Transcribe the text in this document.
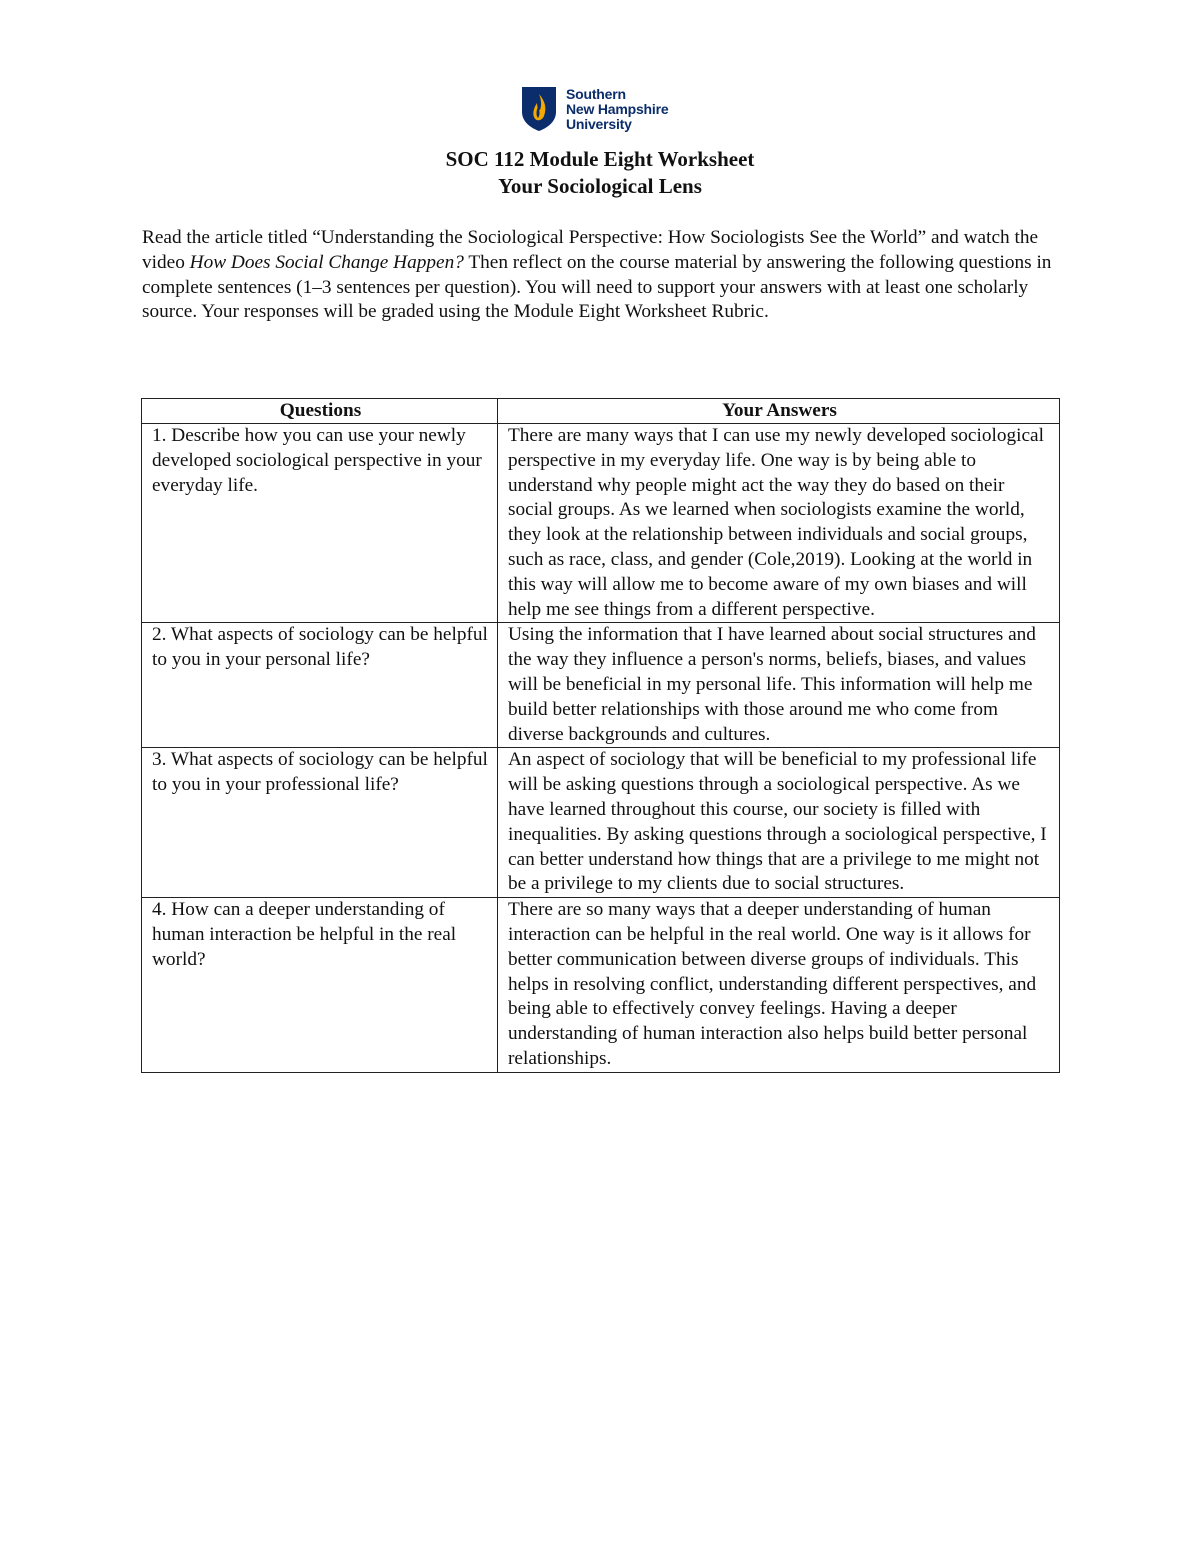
Southern
New Hampshire
University
SOC 112 Module Eight Worksheet
Your Sociological Lens

Read the article titled “Understanding the Sociological Perspective: How Sociologists See the World” and watch the video How Does Social Change Happen? Then reflect on the course material by answering the following questions in complete sentences (1–3 sentences per question). You will need to support your answers with at least one scholarly source. Your responses will be graded using the Module Eight Worksheet Rubric.

Questions	Your Answers
1. Describe how you can use your newly developed sociological perspective in your everyday life.	There are many ways that I can use my newly developed sociological perspective in my everyday life. One way is by being able to understand why people might act the way they do based on their social groups. As we learned when sociologists examine the world, they look at the relationship between individuals and social groups, such as race, class, and gender (Cole,2019). Looking at the world in this way will allow me to become aware of my own biases and will help me see things from a different perspective.
2. What aspects of sociology can be helpful to you in your personal life?	Using the information that I have learned about social structures and the way they influence a person's norms, beliefs, biases, and values will be beneficial in my personal life. This information will help me build better relationships with those around me who come from diverse backgrounds and cultures.
3. What aspects of sociology can be helpful to you in your professional life?	An aspect of sociology that will be beneficial to my professional life will be asking questions through a sociological perspective. As we have learned throughout this course, our society is filled with inequalities. By asking questions through a sociological perspective, I can better understand how things that are a privilege to me might not be a privilege to my clients due to social structures.
4. How can a deeper understanding of human interaction be helpful in the real world?	There are so many ways that a deeper understanding of human interaction can be helpful in the real world. One way is it allows for better communication between diverse groups of individuals. This helps in resolving conflict, understanding different perspectives, and being able to effectively convey feelings. Having a deeper understanding of human interaction also helps build better personal relationships.
